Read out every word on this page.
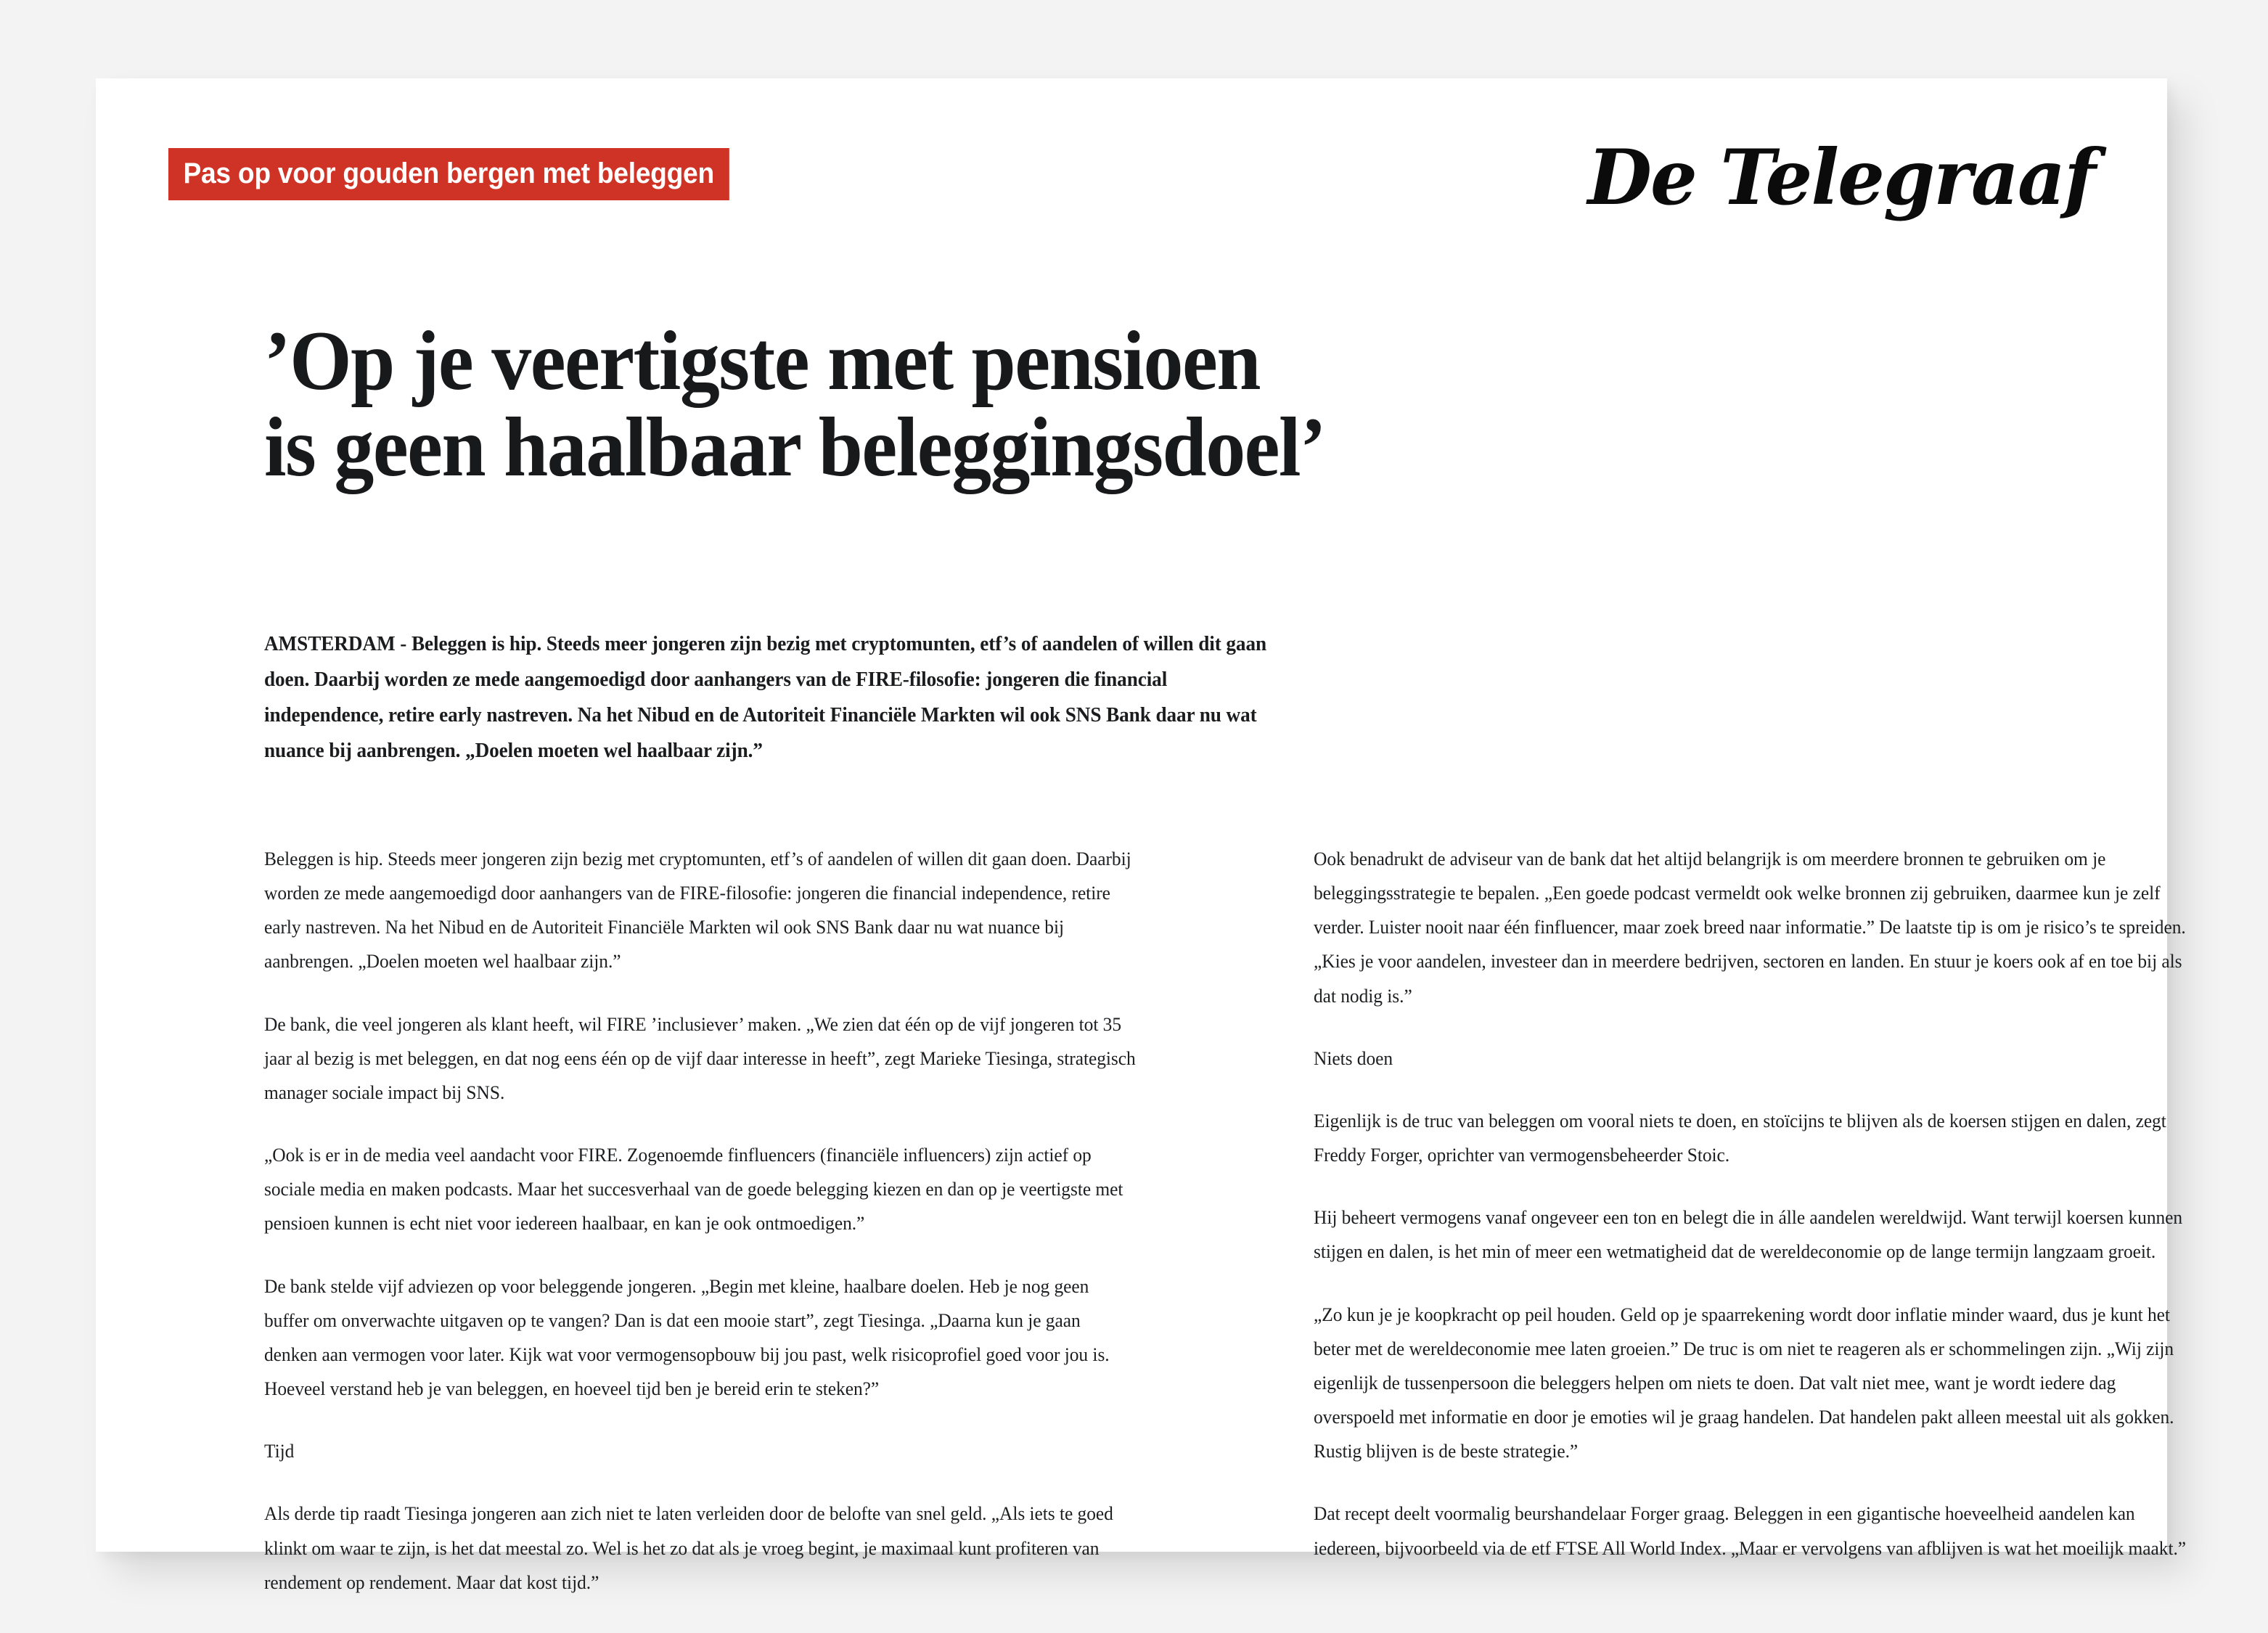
Pas op voor gouden bergen met beleggen	De Telegraaf
’Op je veertigste met pensioen is geen haalbaar beleggingsdoel’

AMSTERDAM - Beleggen is hip. Steeds meer jongeren zijn bezig met cryptomunten, etf’s of aandelen of willen dit gaan doen. Daarbij worden ze mede aangemoedigd door aanhangers van de FIRE-filosofie: jongeren die financial independence, retire early nastreven. Na het Nibud en de Autoriteit Financiële Markten wil ook SNS Bank daar nu wat nuance bij aanbrengen. „Doelen moeten wel haalbaar zijn.”

Beleggen is hip. Steeds meer jongeren zijn bezig met cryptomunten, etf’s of aandelen of willen dit gaan doen. Daarbij worden ze mede aangemoedigd door aanhangers van de FIRE-filosofie: jongeren die financial independence, retire early nastreven. Na het Nibud en de Autoriteit Financiële Markten wil ook SNS Bank daar nu wat nuance bij aanbrengen. „Doelen moeten wel haalbaar zijn.”

De bank, die veel jongeren als klant heeft, wil FIRE ’inclusiever’ maken. „We zien dat één op de vijf jongeren tot 35 jaar al bezig is met beleggen, en dat nog eens één op de vijf daar interesse in heeft”, zegt Marieke Tiesinga, strategisch manager sociale impact bij SNS.

„Ook is er in de media veel aandacht voor FIRE. Zogenoemde finfluencers (financiële influencers) zijn actief op sociale media en maken podcasts. Maar het succesverhaal van de goede belegging kiezen en dan op je veertigste met pensioen kunnen is echt niet voor iedereen haalbaar, en kan je ook ontmoedigen.”

De bank stelde vijf adviezen op voor beleggende jongeren. „Begin met kleine, haalbare doelen. Heb je nog geen buffer om onverwachte uitgaven op te vangen? Dan is dat een mooie start”, zegt Tiesinga. „Daarna kun je gaan denken aan vermogen voor later. Kijk wat voor vermogensopbouw bij jou past, welk risicoprofiel goed voor jou is. Hoeveel verstand heb je van beleggen, en hoeveel tijd ben je bereid erin te steken?”

Tijd

Als derde tip raadt Tiesinga jongeren aan zich niet te laten verleiden door de belofte van snel geld. „Als iets te goed klinkt om waar te zijn, is het dat meestal zo. Wel is het zo dat als je vroeg begint, je maximaal kunt profiteren van rendement op rendement. Maar dat kost tijd.”

Ook benadrukt de adviseur van de bank dat het altijd belangrijk is om meerdere bronnen te gebruiken om je beleggingsstrategie te bepalen. „Een goede podcast vermeldt ook welke bronnen zij gebruiken, daarmee kun je zelf verder. Luister nooit naar één finfluencer, maar zoek breed naar informatie.” De laatste tip is om je risico’s te spreiden. „Kies je voor aandelen, investeer dan in meerdere bedrijven, sectoren en landen. En stuur je koers ook af en toe bij als dat nodig is.”

Niets doen

Eigenlijk is de truc van beleggen om vooral niets te doen, en stoïcijns te blijven als de koersen stijgen en dalen, zegt Freddy Forger, oprichter van vermogensbeheerder Stoic.

Hij beheert vermogens vanaf ongeveer een ton en belegt die in álle aandelen wereldwijd. Want terwijl koersen kunnen stijgen en dalen, is het min of meer een wetmatigheid dat de wereldeconomie op de lange termijn langzaam groeit.

„Zo kun je je koopkracht op peil houden. Geld op je spaarrekening wordt door inflatie minder waard, dus je kunt het beter met de wereldeconomie mee laten groeien.” De truc is om niet te reageren als er schommelingen zijn. „Wij zijn eigenlijk de tussenpersoon die beleggers helpen om niets te doen. Dat valt niet mee, want je wordt iedere dag overspoeld met informatie en door je emoties wil je graag handelen. Dat handelen pakt alleen meestal uit als gokken. Rustig blijven is de beste strategie.”

Dat recept deelt voormalig beurshandelaar Forger graag. Beleggen in een gigantische hoeveelheid aandelen kan iedereen, bijvoorbeeld via de etf FTSE All World Index. „Maar er vervolgens van afblijven is wat het moeilijk maakt.”
